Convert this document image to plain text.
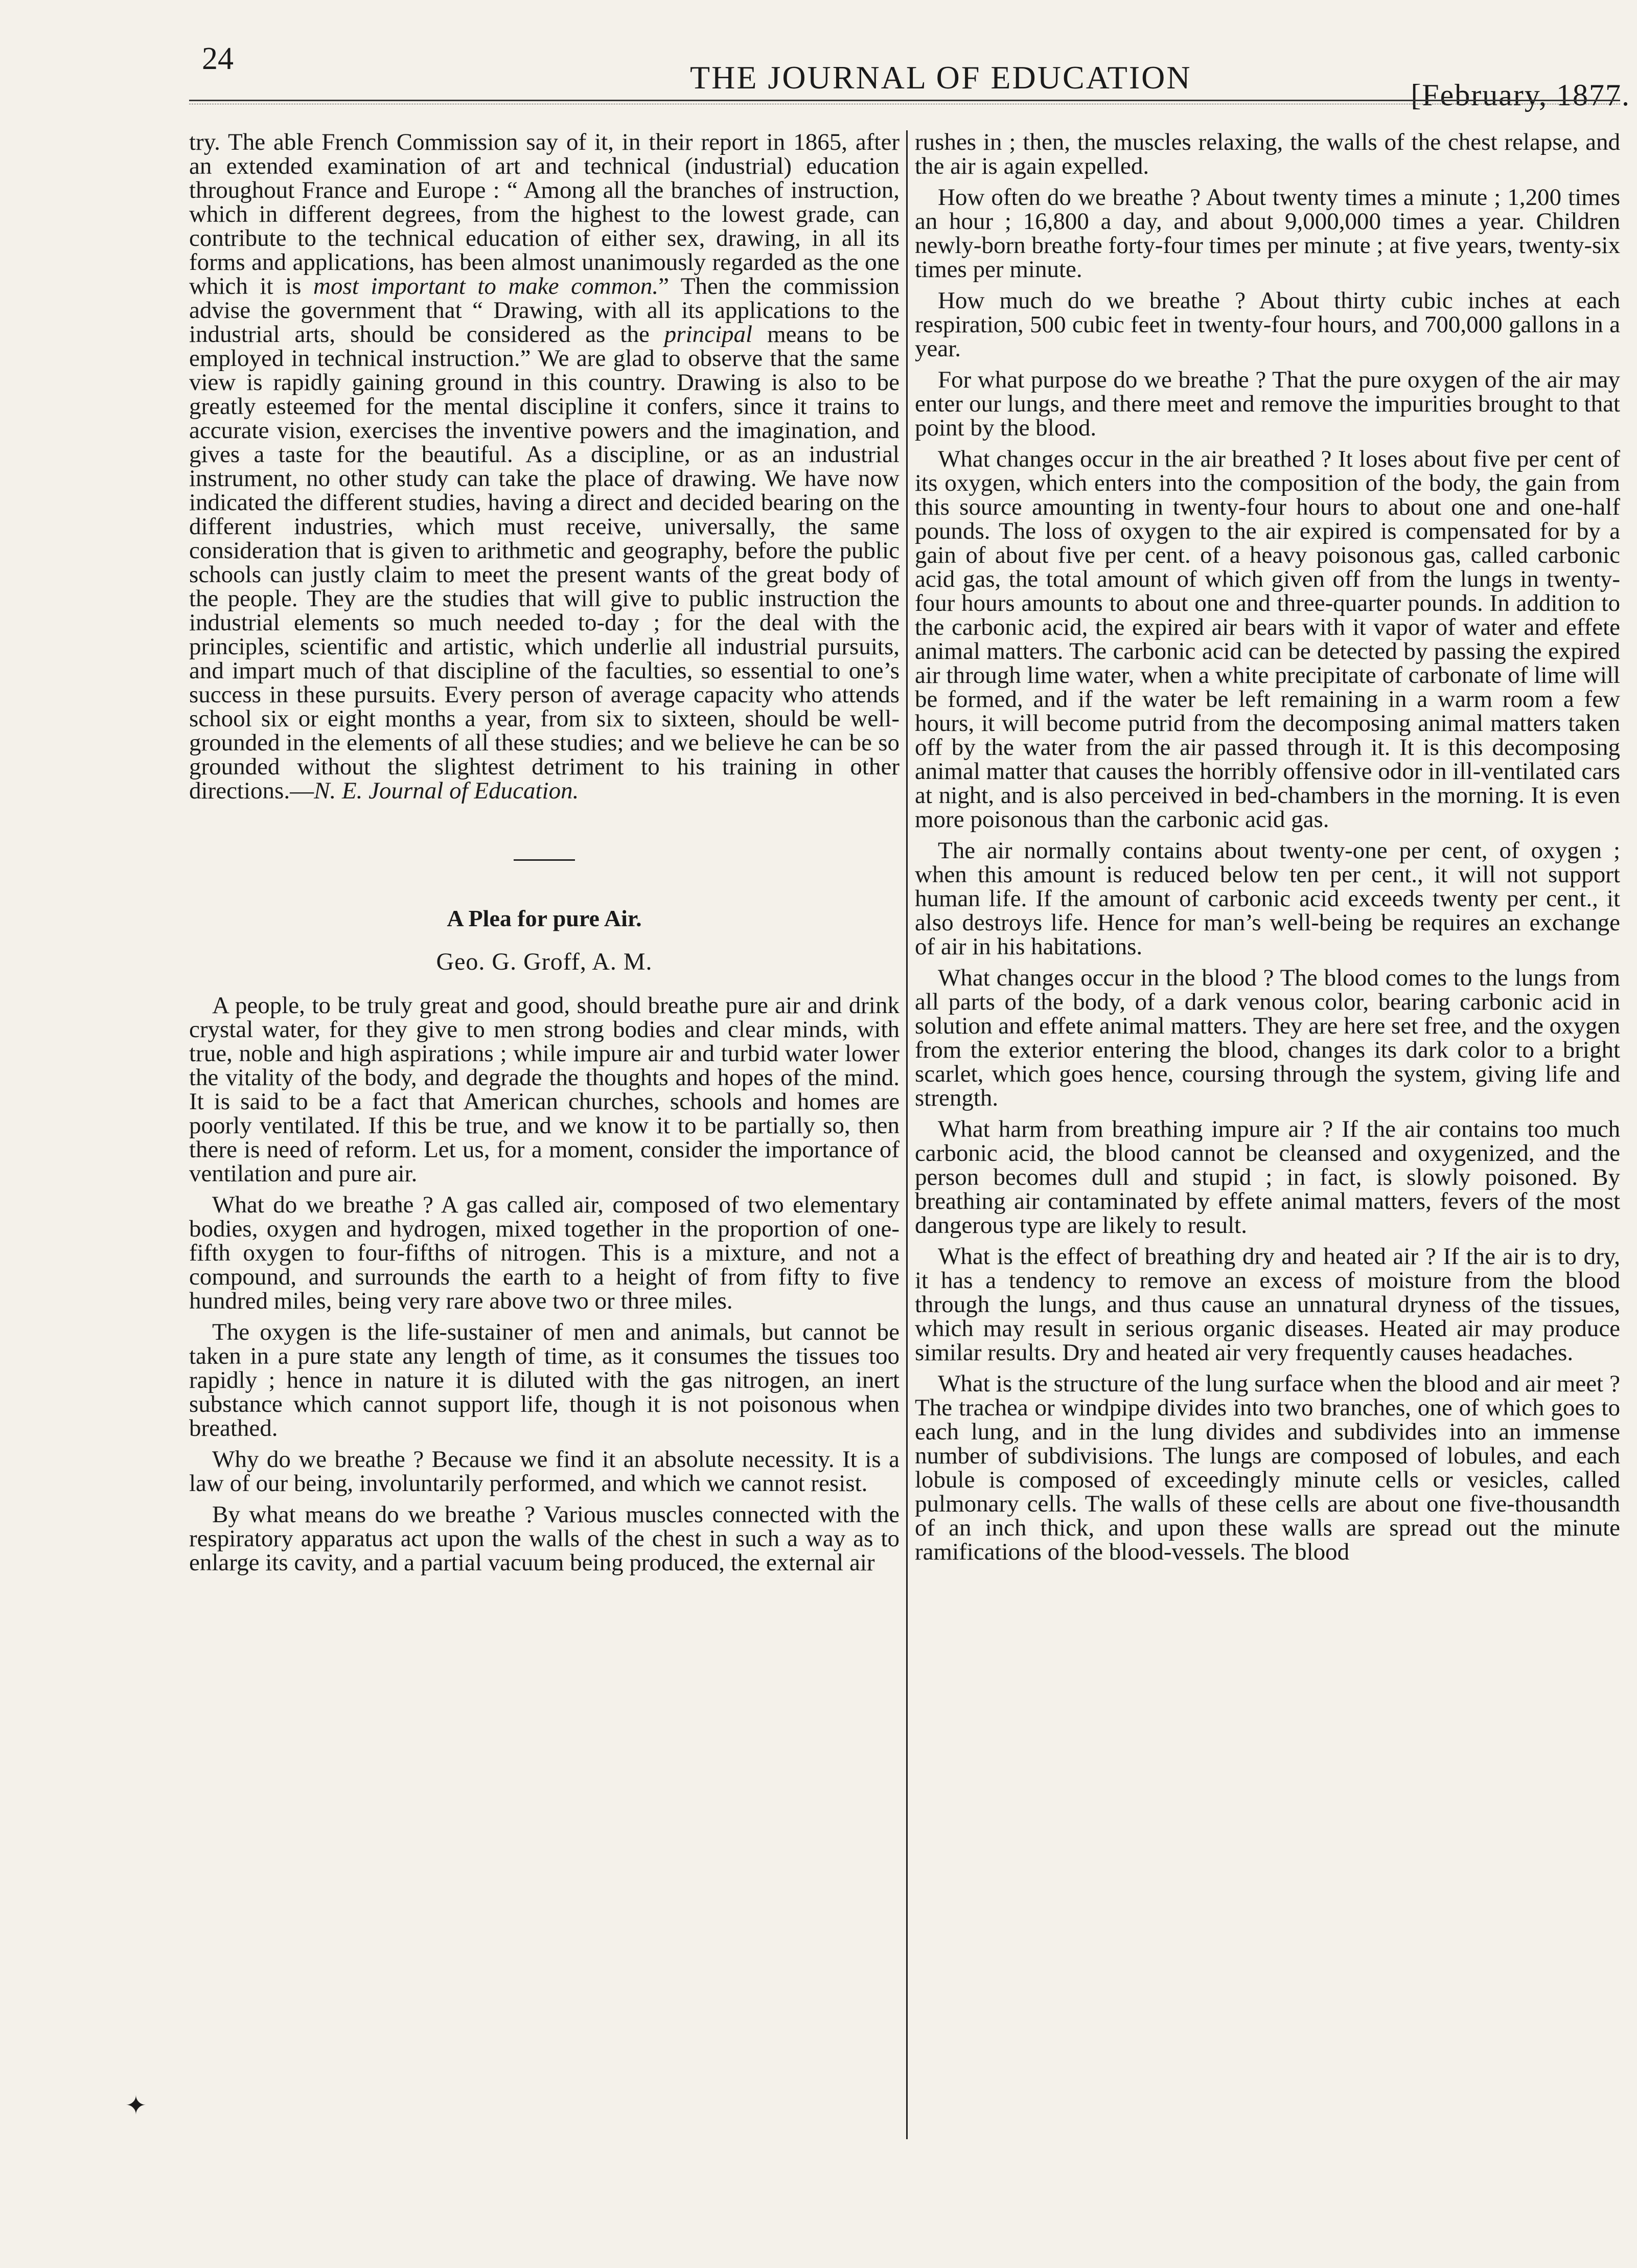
24
THE JOURNAL OF EDUCATION	[February, 1877.

try. The able French Commission say of it, in their report in 1865, after an extended examination of art and technical (industrial) education throughout France and Europe : “ Among all the branches of instruction, which in different degrees, from the highest to the lowest grade, can contribute to the technical education of either sex, drawing, in all its forms and applications, has been almost unanimously regarded as the one which it is most important to make common.” Then the commission advise the government that “ Drawing, with all its applications to the industrial arts, should be considered as the principal means to be employed in technical instruction.” We are glad to observe that the same view is rapidly gaining ground in this country. Drawing is also to be greatly esteemed for the mental discipline it confers, since it trains to accurate vision, exercises the inventive powers and the imagination, and gives a taste for the beautiful. As a discipline, or as an industrial instrument, no other study can take the place of drawing. We have now indicated the different studies, having a direct and decided bearing on the different industries, which must receive, universally, the same consideration that is given to arithmetic and geography, before the public schools can justly claim to meet the present wants of the great body of the people. They are the studies that will give to public instruction the industrial elements so much needed to-day ; for the deal with the principles, scientific and artistic, which underlie all industrial pursuits, and impart much of that discipline of the faculties, so essential to one’s success in these pursuits. Every person of average capacity who attends school six or eight months a year, from six to sixteen, should be well-grounded in the elements of all these studies; and we believe he can be so grounded without the slightest detriment to his training in other directions.—N. E. Journal of Education.

A Plea for pure Air.
Geo. G. Groff, A. M.

A people, to be truly great and good, should breathe pure air and drink crystal water, for they give to men strong bodies and clear minds, with true, noble and high aspirations ; while impure air and turbid water lower the vitality of the body, and degrade the thoughts and hopes of the mind. It is said to be a fact that American churches, schools and homes are poorly ventilated. If this be true, and we know it to be partially so, then there is need of reform. Let us, for a moment, consider the importance of ventilation and pure air.

What do we breathe ? A gas called air, composed of two elementary bodies, oxygen and hydrogen, mixed together in the proportion of one-fifth oxygen to four-fifths of nitrogen. This is a mixture, and not a compound, and surrounds the earth to a height of from fifty to five hundred miles, being very rare above two or three miles.

The oxygen is the life-sustainer of men and animals, but cannot be taken in a pure state any length of time, as it consumes the tissues too rapidly ; hence in nature it is diluted with the gas nitrogen, an inert substance which cannot support life, though it is not poisonous when breathed.

Why do we breathe ? Because we find it an absolute necessity. It is a law of our being, involuntarily performed, and which we cannot resist.

By what means do we breathe ? Various muscles connected with the respiratory apparatus act upon the walls of the chest in such a way as to enlarge its cavity, and a partial vacuum being produced, the external air

rushes in ; then, the muscles relaxing, the walls of the chest relapse, and the air is again expelled.

How often do we breathe ? About twenty times a minute ; 1,200 times an hour ; 16,800 a day, and about 9,000,000 times a year. Children newly-born breathe forty-four times per minute ; at five years, twenty-six times per minute.

How much do we breathe ? About thirty cubic inches at each respiration, 500 cubic feet in twenty-four hours, and 700,000 gallons in a year.

For what purpose do we breathe ? That the pure oxygen of the air may enter our lungs, and there meet and remove the impurities brought to that point by the blood.

What changes occur in the air breathed ? It loses about five per cent of its oxygen, which enters into the composition of the body, the gain from this source amounting in twenty-four hours to about one and one-half pounds. The loss of oxygen to the air expired is compensated for by a gain of about five per cent. of a heavy poisonous gas, called carbonic acid gas, the total amount of which given off from the lungs in twenty-four hours amounts to about one and three-quarter pounds. In addition to the carbonic acid, the expired air bears with it vapor of water and effete animal matters. The carbonic acid can be detected by passing the expired air through lime water, when a white precipitate of carbonate of lime will be formed, and if the water be left remaining in a warm room a few hours, it will become putrid from the decomposing animal matters taken off by the water from the air passed through it. It is this decomposing animal matter that causes the horribly offensive odor in ill-ventilated cars at night, and is also perceived in bed-chambers in the morning. It is even more poisonous than the carbonic acid gas.

The air normally contains about twenty-one per cent, of oxygen ; when this amount is reduced below ten per cent., it will not support human life. If the amount of carbonic acid exceeds twenty per cent., it also destroys life. Hence for man’s well-being be requires an exchange of air in his habitations.

What changes occur in the blood ? The blood comes to the lungs from all parts of the body, of a dark venous color, bearing carbonic acid in solution and effete animal matters. They are here set free, and the oxygen from the exterior entering the blood, changes its dark color to a bright scarlet, which goes hence, coursing through the system, giving life and strength.

What harm from breathing impure air ? If the air contains too much carbonic acid, the blood cannot be cleansed and oxygenized, and the person becomes dull and stupid ; in fact, is slowly poisoned. By breathing air contaminated by effete animal matters, fevers of the most dangerous type are likely to result.

What is the effect of breathing dry and heated air ? If the air is to dry, it has a tendency to remove an excess of moisture from the blood through the lungs, and thus cause an unnatural dryness of the tissues, which may result in serious organic diseases. Heated air may produce similar results. Dry and heated air very frequently causes headaches.

What is the structure of the lung surface when the blood and air meet ? The trachea or windpipe divides into two branches, one of which goes to each lung, and in the lung divides and subdivides into an immense number of subdivisions. The lungs are composed of lobules, and each lobule is composed of exceedingly minute cells or vesicles, called pulmonary cells. The walls of these cells are about one five-thousandth of an inch thick, and upon these walls are spread out the minute ramifications of the blood-vessels. The blood

✦
